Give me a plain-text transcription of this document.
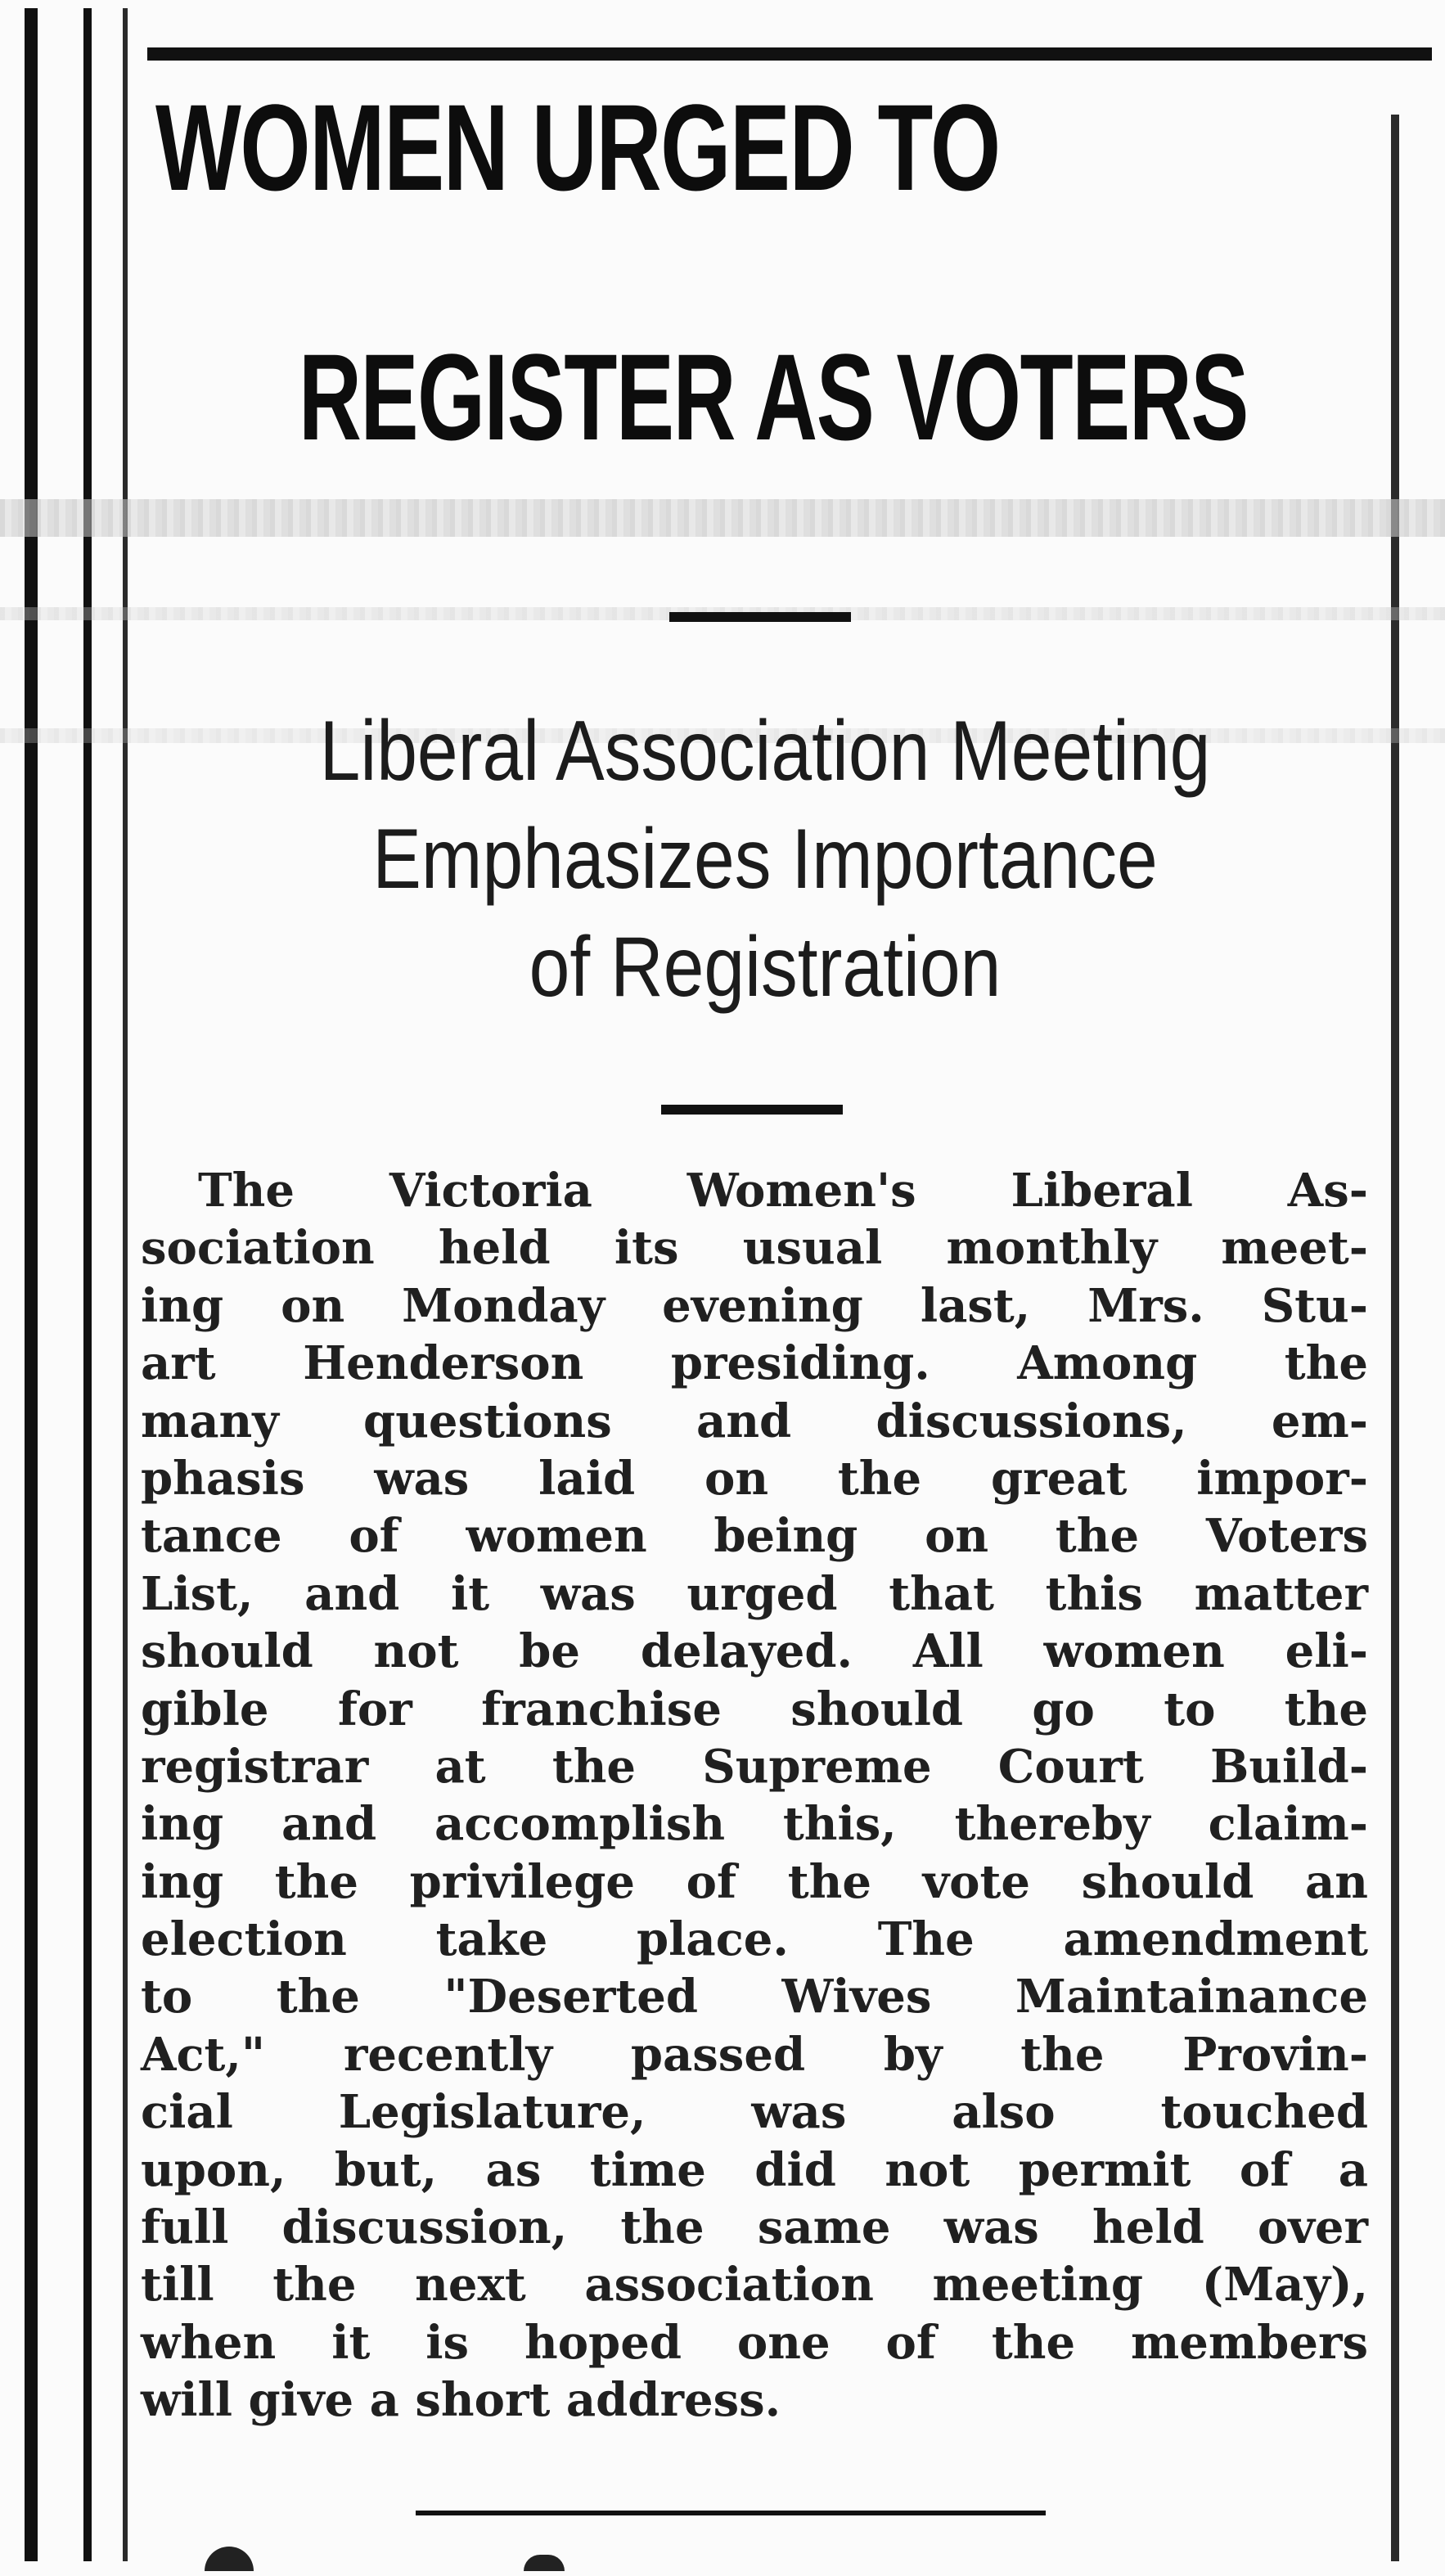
WOMEN URGED TO
REGISTER AS VOTERS
Liberal Association Meeting
Emphasizes Importance
of Registration
The Victoria Women's Liberal As-
sociation held its usual monthly meet-
ing on Monday evening last, Mrs. Stu-
art Henderson presiding. Among the
many questions and discussions, em-
phasis was laid on the great impor-
tance of women being on the Voters
List, and it was urged that this matter
should not be delayed. All women eli-
gible for franchise should go to the
registrar at the Supreme Court Build-
ing and accomplish this, thereby claim-
ing the privilege of the vote should an
election take place. The amendment
to the "Deserted Wives Maintainance
Act," recently passed by the Provin-
cial Legislature, was also touched
upon, but, as time did not permit of a
full discussion, the same was held over
till the next association meeting (May),
when it is hoped one of the members
will give a short address.
